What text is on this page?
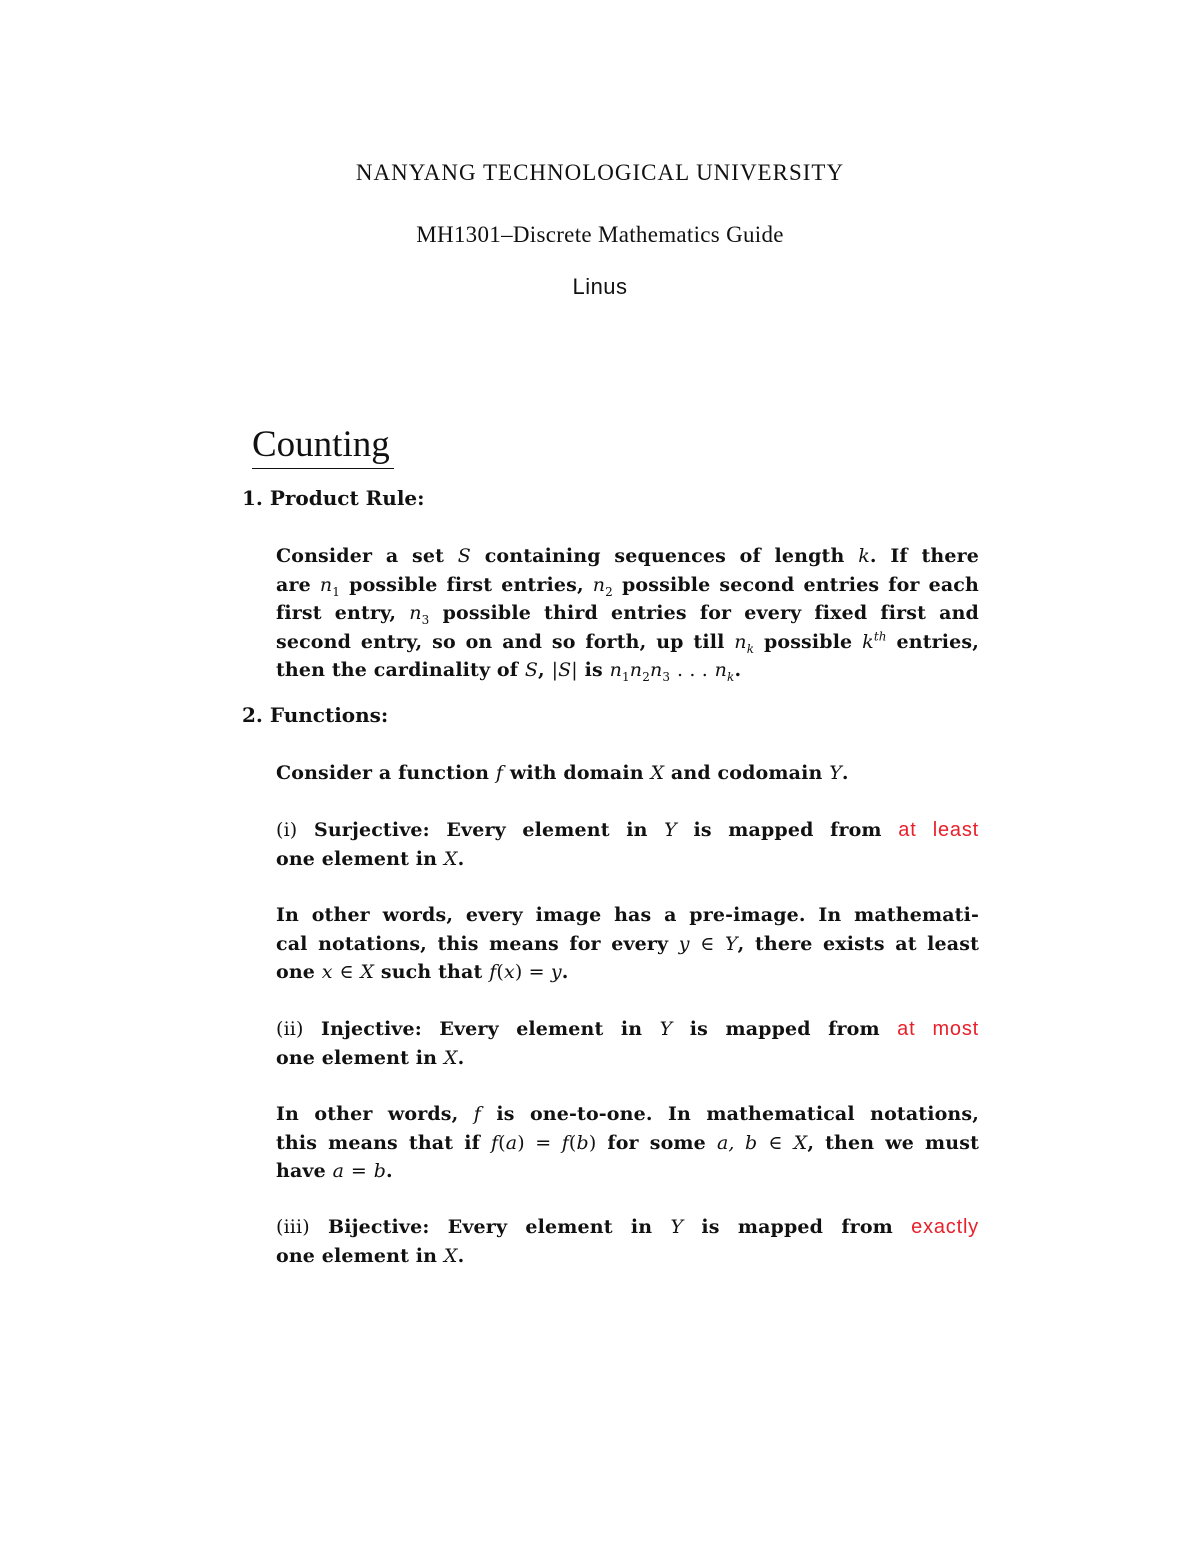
NANYANG TECHNOLOGICAL UNIVERSITY
MH1301–Discrete Mathematics Guide
Linus
Counting
1. Product Rule:
Consider a set S containing sequences of length k. If there
are $n_1$ possible first entries, $n_2$ possible second entries for each
first entry, $n_3$ possible third entries for every fixed first and
second entry, so on and so forth, up till $n_k$ possible $k^{th}$ entries,
then the cardinality of S, |S| is $n_1n_2n_3$ . . . $n_k$.
2. Functions:
Consider a function f with domain X and codomain Y.
(i) Surjective: Every element in Y is mapped from at least
one element in X.
In other words, every image has a pre-image. In mathemati-
cal notations, this means for every y ∈ Y, there exists at least
one x ∈ X such that f(x) = y.
(ii) Injective: Every element in Y is mapped from at most
one element in X.
In other words, f is one-to-one. In mathematical notations,
this means that if f(a) = f(b) for some a, b ∈ X, then we must
have a = b.
(iii) Bijective: Every element in Y is mapped from exactly
one element in X.
